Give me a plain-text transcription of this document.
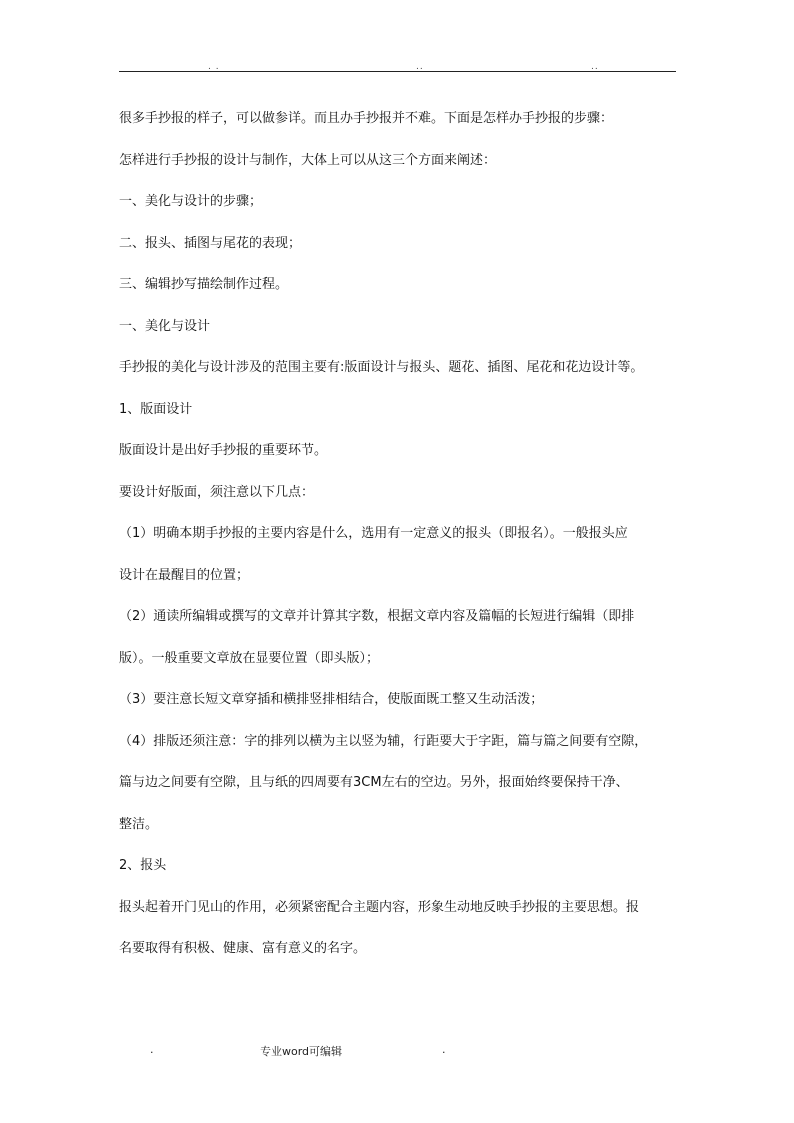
. .	..	..
很多手抄报的样子，可以做参详。而且办手抄报并不难。下面是怎样办手抄报的步骤：
怎样进行手抄报的设计与制作，大体上可以从这三个方面来阐述：
一、美化与设计的步骤；
二、报头、插图与尾花的表现；
三、编辑抄写描绘制作过程。
一、美化与设计
手抄报的美化与设计涉及的范围主要有:版面设计与报头、题花、插图、尾花和花边设计等。
1、版面设计
版面设计是出好手抄报的重要环节。
要设计好版面，须注意以下几点：
（1）明确本期手抄报的主要内容是什么，选用有一定意义的报头（即报名）。一般报头应
设计在最醒目的位置；
（2）通读所编辑或撰写的文章并计算其字数，根据文章内容及篇幅的长短进行编辑（即排
版）。一般重要文章放在显要位置（即头版）；
（3）要注意长短文章穿插和横排竖排相结合，使版面既工整又生动活泼；
（4）排版还须注意：字的排列以横为主以竖为辅，行距要大于字距，篇与篇之间要有空隙，
篇与边之间要有空隙，且与纸的四周要有3CM左右的空边。另外，报面始终要保持干净、
整洁。
2、报头
报头起着开门见山的作用，必须紧密配合主题内容，形象生动地反映手抄报的主要思想。报
名要取得有积极、健康、富有意义的名字。
.	专业word可编辑	.
